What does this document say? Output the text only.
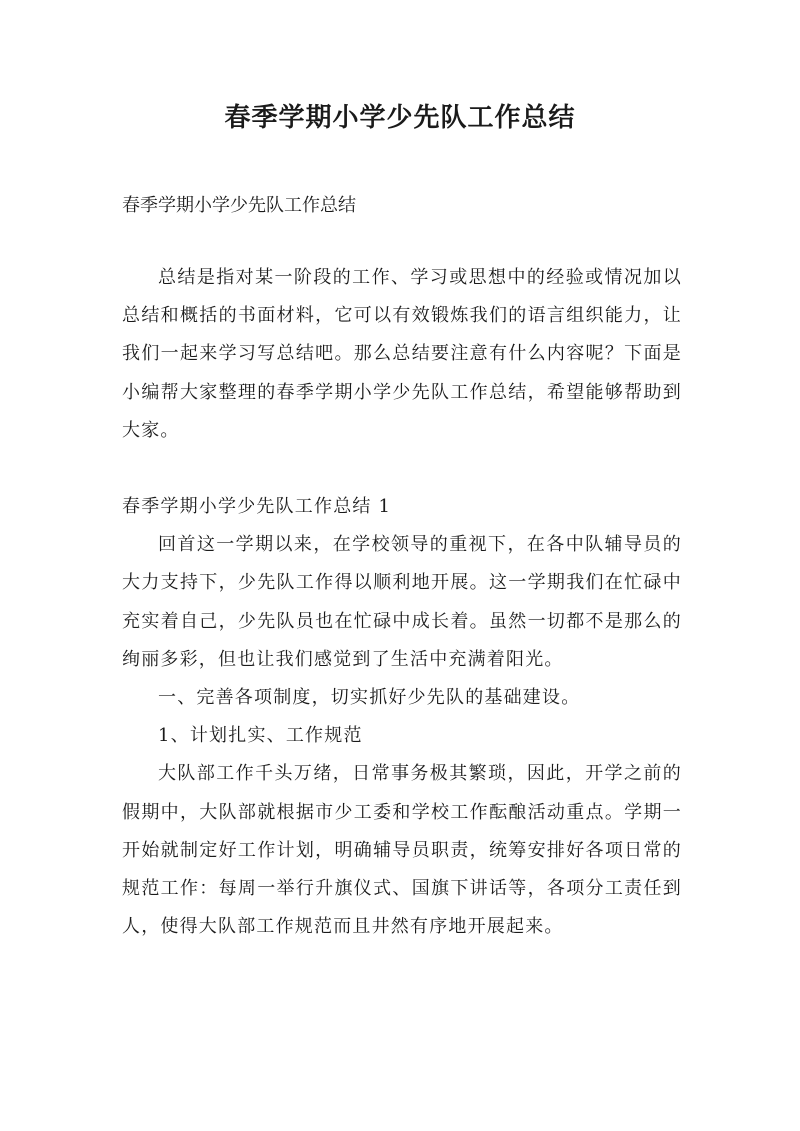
春季学期小学少先队工作总结
春季学期小学少先队工作总结

总结是指对某一阶段的工作、学习或思想中的经验或情况加以总结和概括的书面材料，它可以有效锻炼我们的语言组织能力，让我们一起来学习写总结吧。那么总结要注意有什么内容呢？下面是小编帮大家整理的春季学期小学少先队工作总结，希望能够帮助到大家。

春季学期小学少先队工作总结 1

回首这一学期以来，在学校领导的重视下，在各中队辅导员的大力支持下，少先队工作得以顺利地开展。这一学期我们在忙碌中充实着自己，少先队员也在忙碌中成长着。虽然一切都不是那么的绚丽多彩，但也让我们感觉到了生活中充满着阳光。

一、完善各项制度，切实抓好少先队的基础建设。

1、计划扎实、工作规范

大队部工作千头万绪，日常事务极其繁琐，因此，开学之前的假期中，大队部就根据市少工委和学校工作酝酿活动重点。学期一开始就制定好工作计划，明确辅导员职责，统筹安排好各项日常的规范工作：每周一举行升旗仪式、国旗下讲话等，各项分工责任到人，使得大队部工作规范而且井然有序地开展起来。
